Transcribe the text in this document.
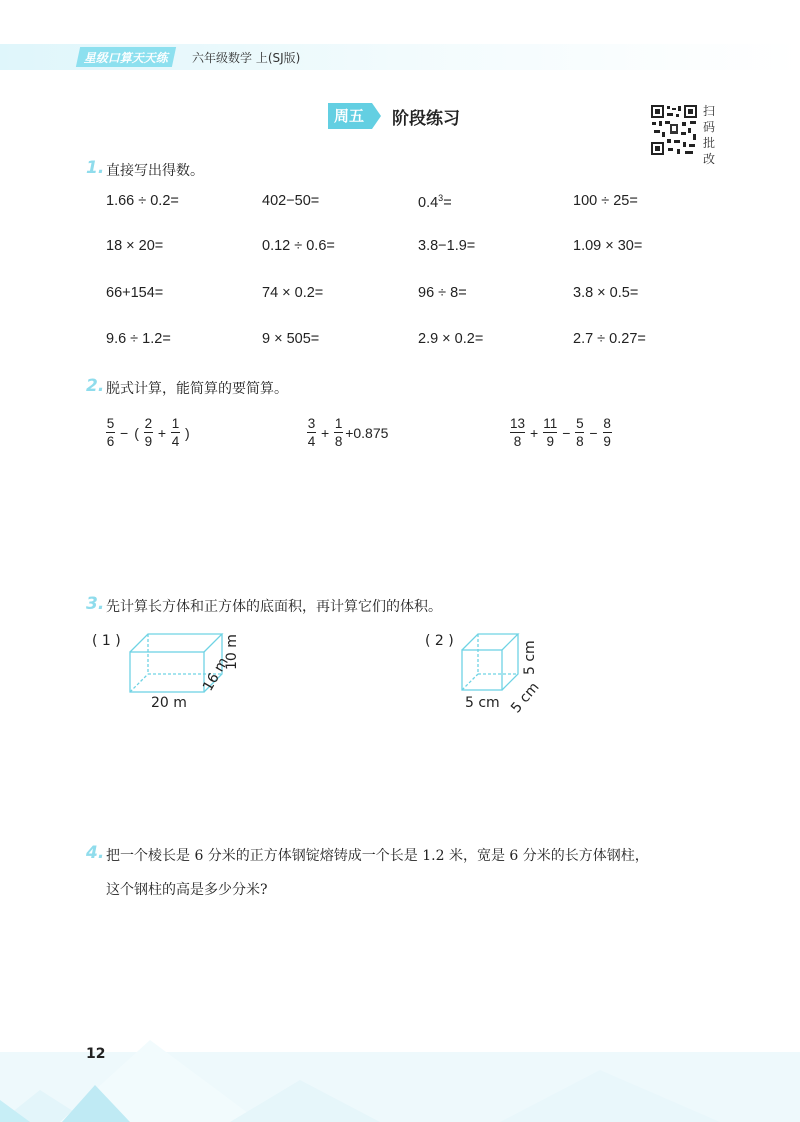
星级口算天天练	六年级数学 上(SJ版)
周五	阶段练习	扫
码
批
改
1. 直接写出得数。
1.66 ÷ 0.2=	402−50=	$0.4^3=$	100 ÷ 25=
18 × 20=	0.12 ÷ 0.6=	3.8−1.9=	1.09 × 30=
66+154=	74 × 0.2=	96 ÷ 8=	3.8 × 0.5=
9.6 ÷ 1.2=	9 × 505=	2.9 × 0.2=	2.7 ÷ 0.27=
2. 脱式计算，能简算的要简算。
$\frac{5}{6}$ − ( $\frac{2}{9} + \frac{1}{4}$ )	$\frac{3}{4} + \frac{1}{8} +0.875$	$\frac{13}{8} + \frac{11}{9} - \frac{5}{8} - \frac{8}{9}$
3. 先计算长方体和正方体的底面积，再计算它们的体积。
( 1 )
20 m
16 m
10 m	( 2 )
5 cm 5 cm
5 cm
4. 把一个棱长是 6 分米的正方体钢锭熔铸成一个长是 1.2 米，宽是 6 分米的长方体钢柱，
这个钢柱的高是多少分米?
12
